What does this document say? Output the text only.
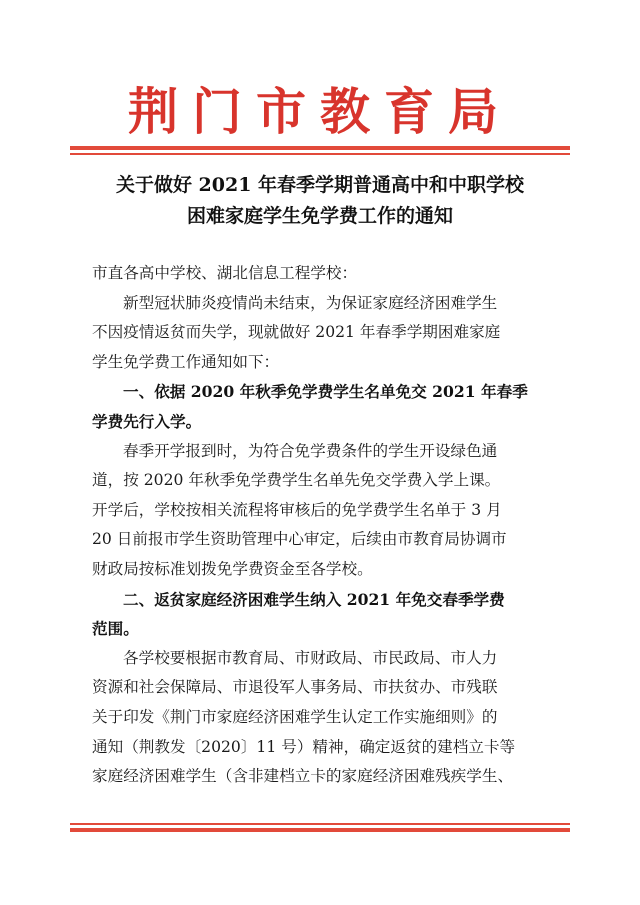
荆门市教育局
关于做好 2021 年春季学期普通高中和中职学校
困难家庭学生免学费工作的通知
市直各高中学校、湖北信息工程学校：
新型冠状肺炎疫情尚未结束，为保证家庭经济困难学生
不因疫情返贫而失学，现就做好 2021 年春季学期困难家庭
学生免学费工作通知如下：
一、依据 2020 年秋季免学费学生名单免交 2021 年春季
学费先行入学。
春季开学报到时，为符合免学费条件的学生开设绿色通
道，按 2020 年秋季免学费学生名单先免交学费入学上课。
开学后，学校按相关流程将审核后的免学费学生名单于 3 月
20 日前报市学生资助管理中心审定，后续由市教育局协调市
财政局按标准划拨免学费资金至各学校。
二、返贫家庭经济困难学生纳入 2021 年免交春季学费
范围。
各学校要根据市教育局、市财政局、市民政局、市人力
资源和社会保障局、市退役军人事务局、市扶贫办、市残联
关于印发《荆门市家庭经济困难学生认定工作实施细则》的
通知（荆教发〔2020〕11 号）精神，确定返贫的建档立卡等
家庭经济困难学生（含非建档立卡的家庭经济困难残疾学生、
